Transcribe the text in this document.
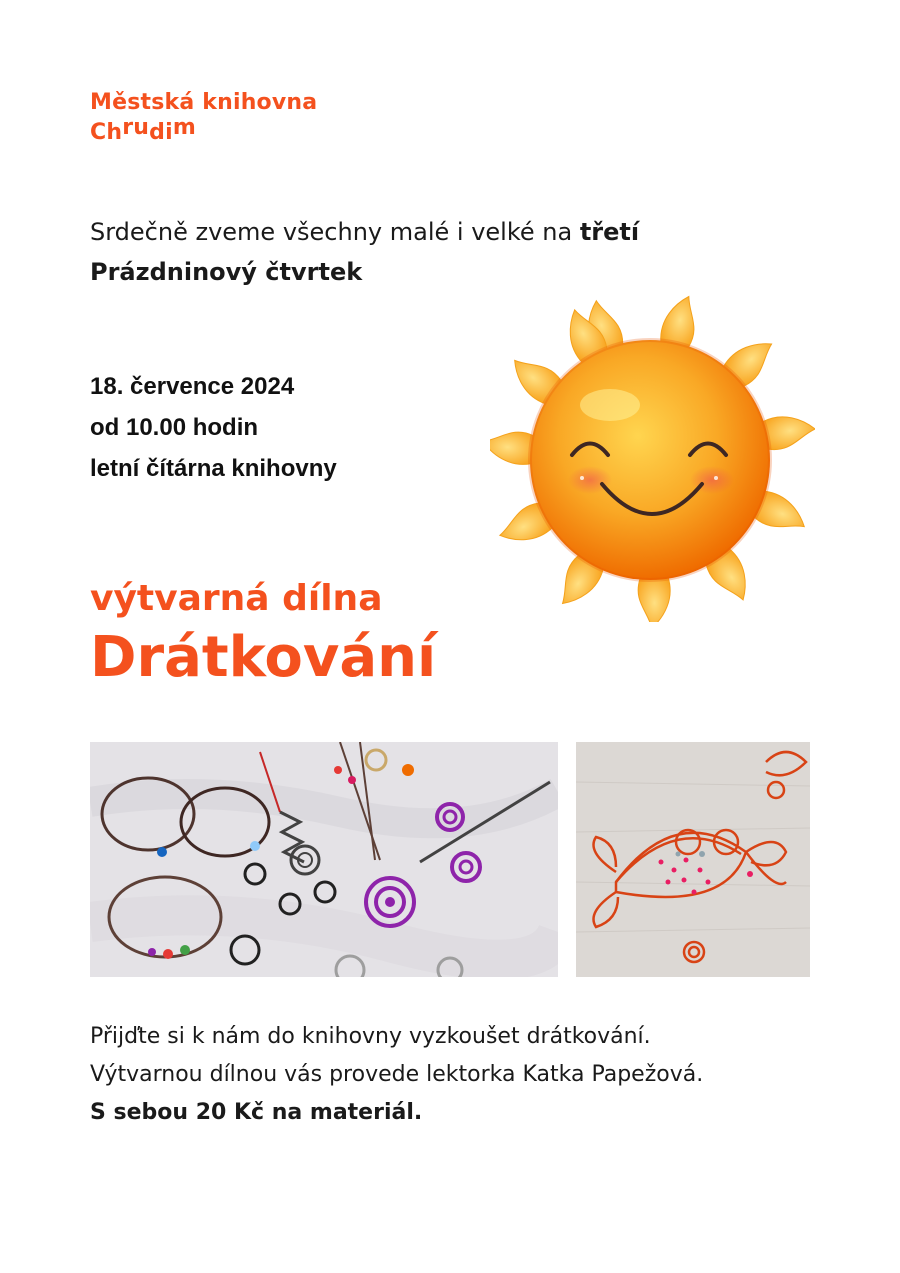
Městská knihovna
Chrudim
Srdečně zveme všechny malé i velké na třetí
Prázdninový čtvrtek
18. července 2024
od 10.00 hodin
letní čítárna knihovny
výtvarná dílna
Drátkování
Přijďte si k nám do knihovny vyzkoušet drátkování.
Výtvarnou dílnou vás provede lektorka Katka Papežová.
S sebou 20 Kč na materiál.
